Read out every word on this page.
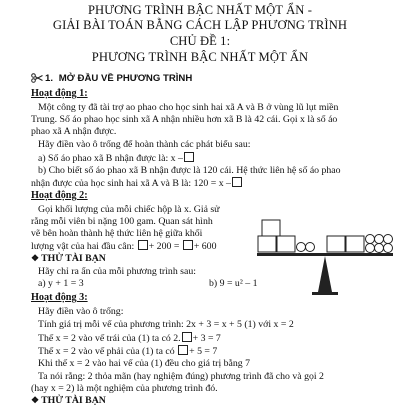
PHƯƠNG TRÌNH BẬC NHẤT MỘT ẨN -
GIẢI BÀI TOÁN BẰNG CÁCH LẬP PHƯƠNG TRÌNH
CHỦ ĐỀ 1:
PHƯƠNG TRÌNH BẬC NHẤT MỘT ẨN
1. MỞ ĐẦU VỀ PHƯƠNG TRÌNH
Hoạt động 1:
Một công ty đã tài trợ ao phao cho học sinh hai xã A và B ở vùng lũ lụt miền
Trung. Số áo phao học sinh xã A nhận nhiều hơn xã B là 42 cái. Gọi x là số áo
phao xã A nhận được.
Hãy điền vào ô trống để hoàn thành các phát biểu sau:
a) Số áo phao xã B nhận được là: x –
b) Cho biết số áo phao xã B nhận được là 120 cái. Hệ thức liên hệ số áo phao
nhận được của học sinh hai xã A và B là: 120 = x –
Hoạt động 2:
Gọi khối lượng của mỗi chiếc hộp là x. Giả sử
rằng mỗi viên bi nặng 100 gam. Quan sát hình
vẽ bên hoàn thành hệ thức liên hệ giữa khối
lượng vật của hai đầu cân: + 200 = + 600
❖ THỬ TÀI BẠN
Hãy chỉ ra ẩn của mỗi phương trình sau:
a) y + 1 = 3	b) 9 = u² – 1
Hoạt động 3:
Hãy điền vào ô trống:
Tính giá trị mỗi vế của phương trình: 2x + 3 = x + 5 (1) với x = 2
Thế x = 2 vào vế trái của (1) ta có 2. + 3 = 7
Thế x = 2 vào vế phải của (1) ta có + 5 = 7
Khi thế x = 2 vào hai vế của (1) đều cho giá trị bằng 7
Ta nói rằng: 2 thỏa mãn (hay nghiệm đúng) phương trình đã cho và gọi 2
(hay x = 2) là một nghiệm của phương trình đó.
❖ THỬ TÀI BẠN
